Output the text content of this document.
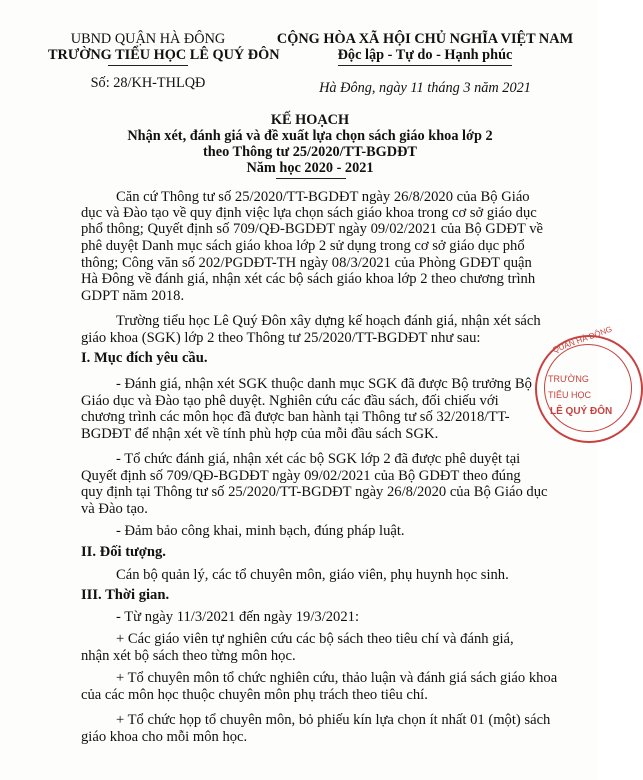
UBND QUẬN HÀ ĐÔNG
TRƯỜNG TIỂU HỌC LÊ QUÝ ĐÔN
Số: 28/KH-THLQĐ
CỘNG HÒA XÃ HỘI CHỦ NGHĨA VIỆT NAM
Độc lập - Tự do - Hạnh phúc
Hà Đông, ngày 11 tháng 3 năm 2021
KẾ HOẠCH
Nhận xét, đánh giá và đề xuất lựa chọn sách giáo khoa lớp 2
theo Thông tư 25/2020/TT-BGDĐT
Năm học 2020 - 2021
Căn cứ Thông tư số 25/2020/TT-BGDĐT ngày 26/8/2020 của Bộ Giáo
dục và Đào tạo về quy định việc lựa chọn sách giáo khoa trong cơ sở giáo dục
phổ thông; Quyết định số 709/QĐ-BGDĐT ngày 09/02/2021 của Bộ GDĐT về
phê duyệt Danh mục sách giáo khoa lớp 2 sử dụng trong cơ sở giáo dục phổ
thông; Công văn số 202/PGDĐT-TH ngày 08/3/2021 của Phòng GDĐT quận
Hà Đông về đánh giá, nhận xét các bộ sách giáo khoa lớp 2 theo chương trình
GDPT năm 2018.
Trường tiểu học Lê Quý Đôn xây dựng kế hoạch đánh giá, nhận xét sách
giáo khoa (SGK) lớp 2 theo Thông tư 25/2020/TT-BGDĐT như sau:
I. Mục đích yêu cầu.
- Đánh giá, nhận xét SGK thuộc danh mục SGK đã được Bộ trưởng Bộ
Giáo dục và Đào tạo phê duyệt. Nghiên cứu các đầu sách, đối chiếu với
chương trình các môn học đã được ban hành tại Thông tư số 32/2018/TT-
BGDĐT để nhận xét về tính phù hợp của mỗi đầu sách SGK.
- Tổ chức đánh giá, nhận xét các bộ SGK lớp 2 đã được phê duyệt tại
Quyết định số 709/QĐ-BGDĐT ngày 09/02/2021 của Bộ GDĐT theo đúng
quy định tại Thông tư số 25/2020/TT-BGDĐT ngày 26/8/2020 của Bộ Giáo dục
và Đào tạo.
- Đảm bảo công khai, minh bạch, đúng pháp luật.
II. Đối tượng.
Cán bộ quản lý, các tổ chuyên môn, giáo viên, phụ huynh học sinh.
III. Thời gian.
- Từ ngày 11/3/2021 đến ngày 19/3/2021:
+ Các giáo viên tự nghiên cứu các bộ sách theo tiêu chí và đánh giá,
nhận xét bộ sách theo từng môn học.
+ Tổ chuyên môn tổ chức nghiên cứu, thảo luận và đánh giá sách giáo khoa
của các môn học thuộc chuyên môn phụ trách theo tiêu chí.
+ Tổ chức họp tổ chuyên môn, bỏ phiếu kín lựa chọn ít nhất 01 (một) sách
giáo khoa cho mỗi môn học.
QUẬN HÀ ĐÔNG
TRƯỜNG
TIỂU HỌC
LÊ QUÝ ĐÔN
